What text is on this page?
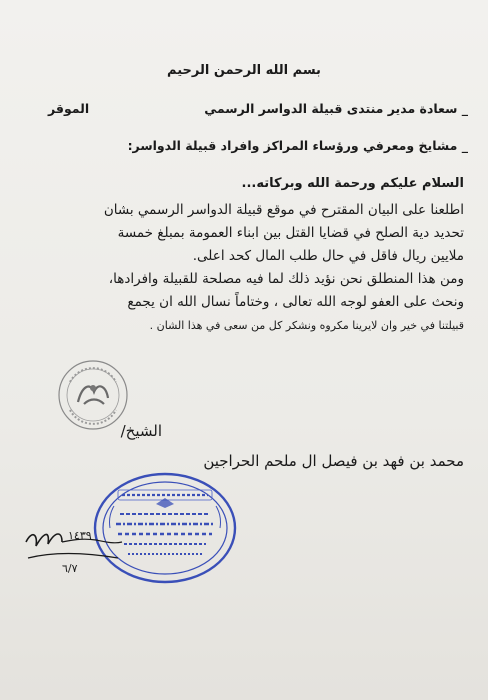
بسم الله الرحمن الرحيم
_ سعادة مدير منتدى قبيلة الدواسر الرسمي
الموقر
_ مشايخ ومعرفي ورؤساء المراكز وافراد قبيلة الدواسر:
السلام عليكم ورحمة الله وبركاته...
اطلعنا على البيان المقترح في موقع قبيلة الدواسر الرسمي بشان
تحديد دية الصلح في قضايا القتل بين ابناء العمومة بمبلغ خمسة
ملايين ريال فاقل في حال طلب المال كحد اعلى.
ومن هذا المنطلق نحن نؤيد ذلك لما فيه مصلحة للقبيلة وافرادها،
ونحث على العفو لوجه الله تعالى ، وختاماً نسال الله ان يجمع
قبيلتنا في خير وان لايرينا مكروه ونشكر كل من سعى في هذا الشان .
الشيخ/
محمد بن فهد بن فيصل ال ملحم الحراجين
١٤٣٩
٦/٧
